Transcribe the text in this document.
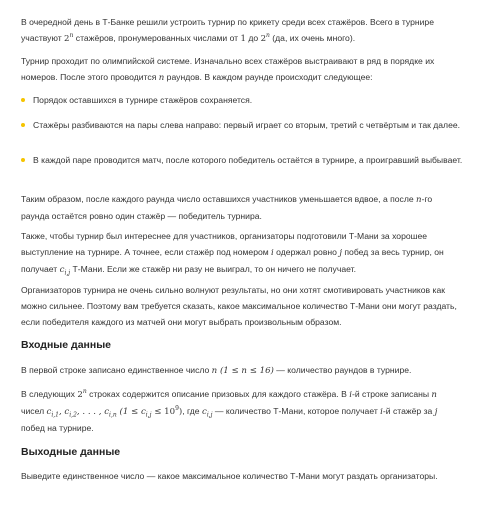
В очередной день в Т-Банке решили устроить турнир по крикету среди всех стажёров. Всего в турнире участвуют 2$^n$ стажёров, пронумерованных числами от 1 до 2$^n$ (да, их очень много).

Турнир проходит по олимпийской системе. Изначально всех стажёров выстраивают в ряд в порядке их номеров. После этого проводится n раундов. В каждом раунде происходит следующее:

Порядок оставшихся в турнире стажёров сохраняется.

Стажёры разбиваются на пары слева направо: первый играет со вторым, третий с четвёртым и так далее.

В каждой паре проводится матч, после которого победитель остаётся в турнире, а проигравший выбывает.

Таким образом, после каждого раунда число оставшихся участников уменьшается вдвое, а после n-го раунда остаётся ровно один стажёр — победитель турнира.

Также, чтобы турнир был интереснее для участников, организаторы подготовили Т-Мани за хорошее выступление на турнире. А точнее, если стажёр под номером i одержал ровно j побед за весь турнир, он получает $c_{i,j}$ Т-Мани. Если же стажёр ни разу не выиграл, то он ничего не получает.

Организаторов турнира не очень сильно волнуют результаты, но они хотят смотивировать участников как можно сильнее. Поэтому вам требуется сказать, какое максимальное количество Т-Мани они могут раздать, если победителя каждого из матчей они могут выбрать произвольным образом.

Входные данные

В первой строке записано единственное число n (1 ≤ n ≤ 16) — количество раундов в турнире.

В следующих 2$^n$ строках содержится описание призовых для каждого стажёра. В i-й строке записаны n чисел $c_{i,1}$, $c_{i,2}$, . . . , $c_{i,n}$ $(1 \le c_{i,j} \le 10^9)$, где $c_{i,j}$ — количество Т-Мани, которое получает i-й стажёр за j побед на турнире.

Выходные данные

Выведите единственное число — какое максимальное количество Т-Мани могут раздать организаторы.
